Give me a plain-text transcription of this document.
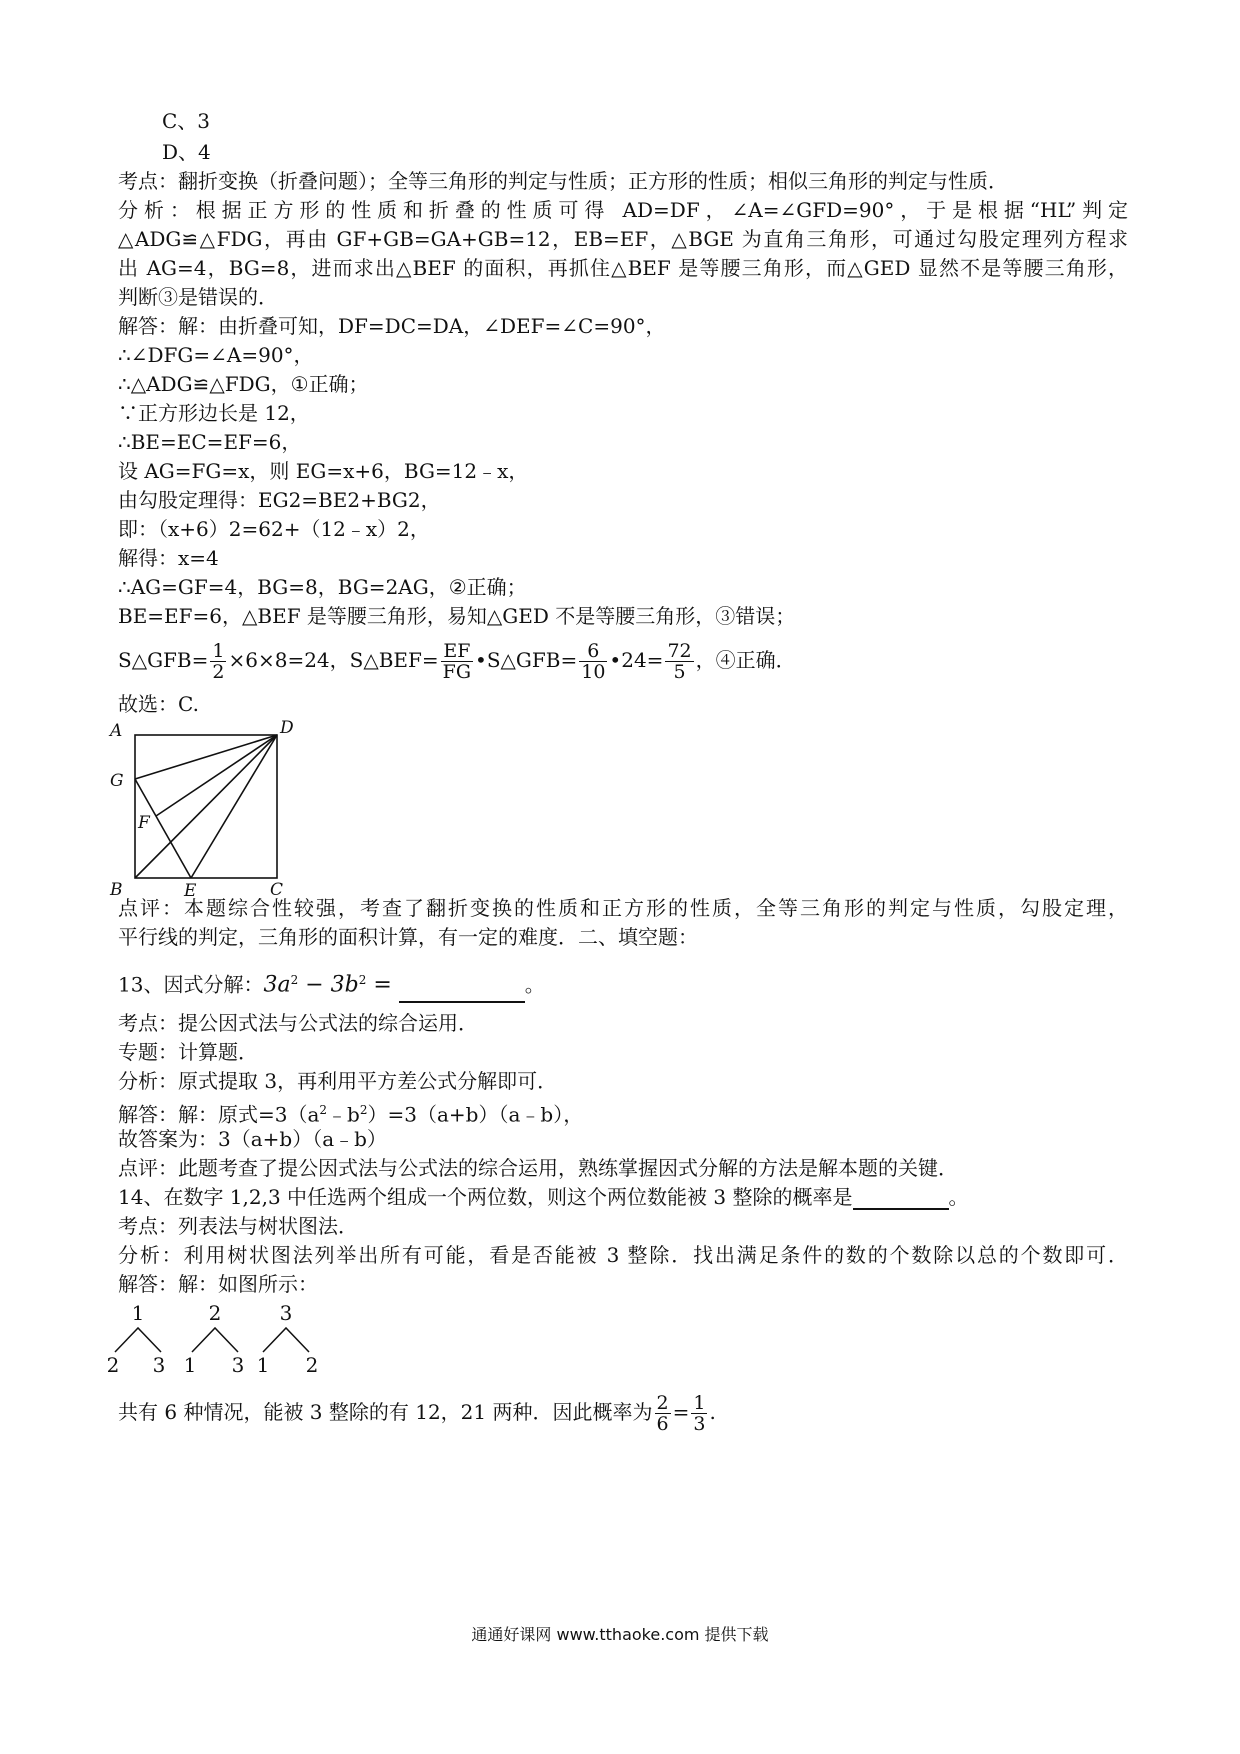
C、3
D、4
考点：翻折变换（折叠问题）；全等三角形的判定与性质；正方形的性质；相似三角形的判定与性质．
分析：根据正方形的性质和折叠的性质可得 AD=DF，∠A=∠GFD=90°，于是根据“HL”判定
△ADG≌△FDG，再由 GF+GB=GA+GB=12，EB=EF，△BGE 为直角三角形，可通过勾股定理列方程求
出 AG=4，BG=8，进而求出△BEF 的面积，再抓住△BEF 是等腰三角形，而△GED 显然不是等腰三角形，
判断③是错误的．
解答：解：由折叠可知，DF=DC=DA，∠DEF=∠C=90°，
∴∠DFG=∠A=90°，
∴△ADG≌△FDG，①正确；
∵正方形边长是 12，
∴BE=EC=EF=6，
设 AG=FG=x，则 EG=x+6，BG=12﹣x，
由勾股定理得：EG2=BE2+BG2，
即：（x+6）2=62+（12﹣x）2，
解得：x=4
∴AG=GF=4，BG=8，BG=2AG，②正确；
BE=EF=6，△BEF 是等腰三角形，易知△GED 不是等腰三角形，③错误；
S△GFB= $\frac{1}{2} \times 6\times 8=24$，S△BEF= $\frac{EF}{FG}$ •S△GFB= $\frac{6}{10}$ •24= $\frac{72}{5}$ ，④正确．
故选：C.
A	D
G
F
B	E	C
点评：本题综合性较强，考查了翻折变换的性质和正方形的性质，全等三角形的判定与性质，勾股定理，
平行线的判定，三角形的面积计算，有一定的难度．二、填空题：
13、因式分解：$3a^2 - 3b^2$ =	。
考点：提公因式法与公式法的综合运用．
专题：计算题．
分析：原式提取 3，再利用平方差公式分解即可．
解答：解：原式$=3(a^2﹣b^2)=3(a+b)(a﹣b)$，
故答案为：3（a+b）（a﹣b）
点评：此题考查了提公因式法与公式法的综合运用，熟练掌握因式分解的方法是解本题的关键．
14、在数字 1,2,3 中任选两个组成一个两位数，则这个两位数能被 3 整除的概率是	。
考点：列表法与树状图法．
分析：利用树状图法列举出所有可能，看是否能被 3 整除．找出满足条件的数的个数除以总的个数即可．
解答：解：如图所示：
1
2 3
2
1 3
3
1 2
共有 6 种情况，能被 3 整除的有 12，21 两种．因此概率为 $\frac{2}{6} = \frac{1}{3}$ .
通通好课网 www.tthaoke.com 提供下载
